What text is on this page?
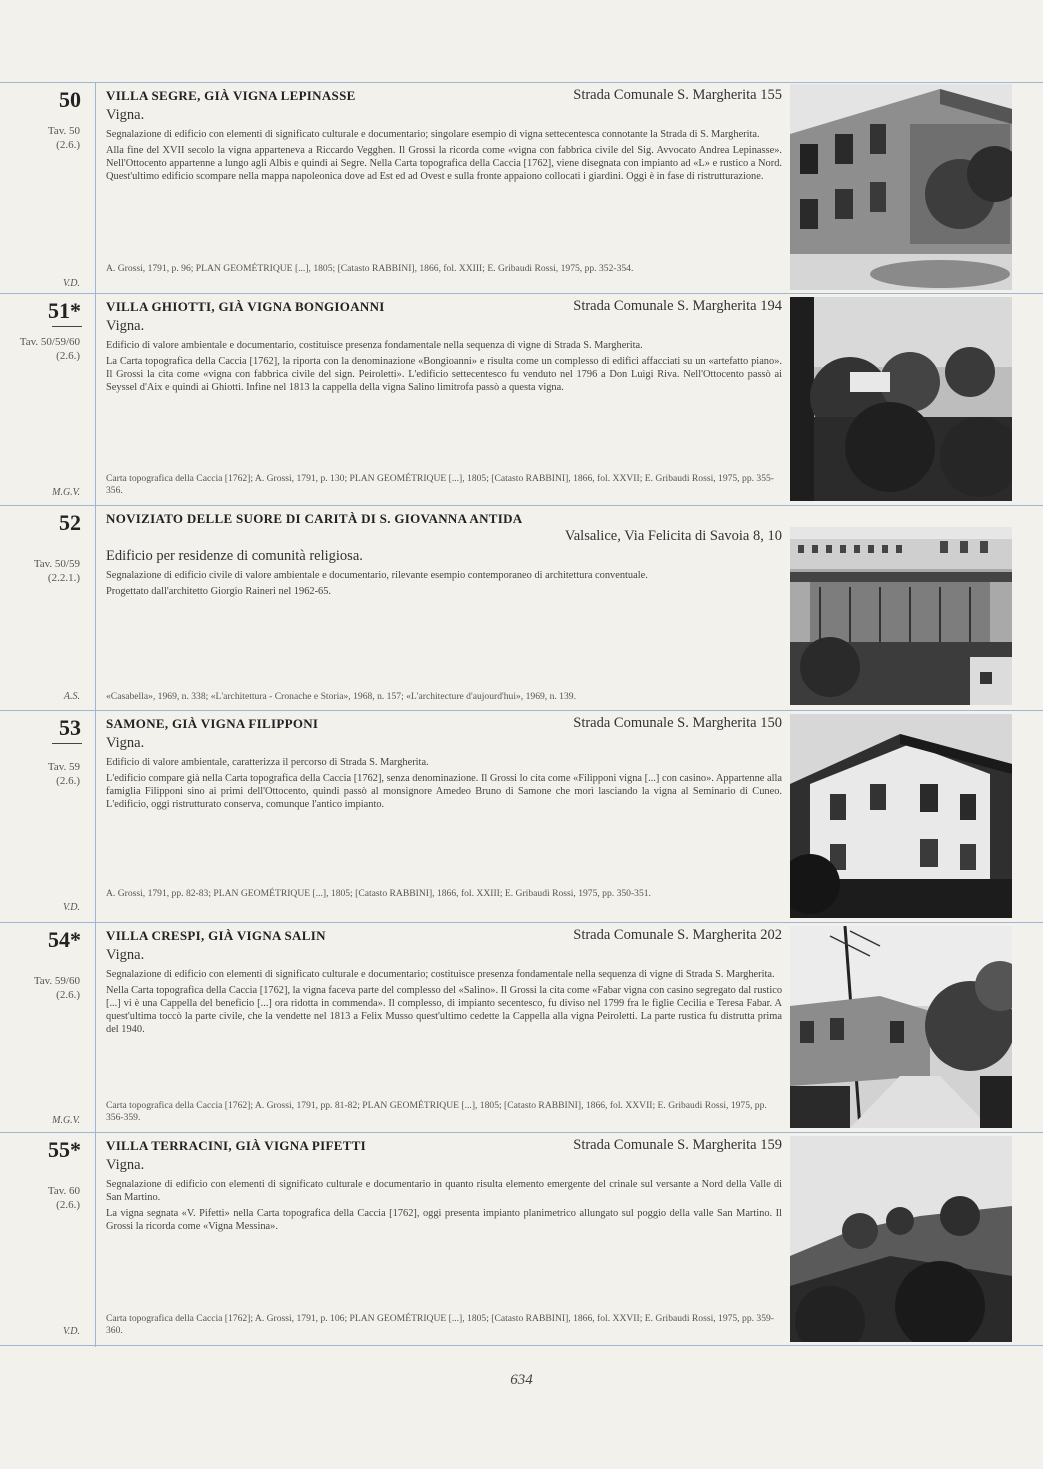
50
Tav. 50
(2.6.)
V.D.
VILLA SEGRE, GIÀ VIGNA LEPINASSE	Strada Comunale S. Margherita 155
Vigna.

Segnalazione di edificio con elementi di significato culturale e documentario; singolare esempio di vigna settecentesca connotante la Strada di S. Margherita.

Alla fine del XVII secolo la vigna apparteneva a Riccardo Vegghen. Il Grossi la ricorda come «vigna con fabbrica civile del Sig. Avvocato Andrea Lepinasse». Nell'Ottocento appartenne a lungo agli Albis e quindi ai Segre. Nella Carta topografica della Caccia [1762], viene disegnata con impianto ad «L» e rustico a Nord. Quest'ultimo edificio scompare nella mappa napoleonica dove ad Est ed ad Ovest e sulla fronte appaiono collocati i giardini. Oggi è in fase di ristrutturazione.

A. Grossi, 1791, p. 96; PLAN GEOMÉTRIQUE [...], 1805; [Catasto RABBINI], 1866, fol. XXIII; E. Gribaudi Rossi, 1975, pp. 352-354.
51*
Tav. 50/59/60
(2.6.)
M.G.V.
VILLA GHIOTTI, GIÀ VIGNA BONGIOANNI	Strada Comunale S. Margherita 194
Vigna.

Edificio di valore ambientale e documentario, costituisce presenza fondamentale nella sequenza di vigne di Strada S. Margherita.

La Carta topografica della Caccia [1762], la riporta con la denominazione «Bongioanni» e risulta come un complesso di edifici affacciati su un «artefatto piano». Il Grossi la cita come «vigna con fabbrica civile del sign. Peiroletti». L'edificio settecentesco fu venduto nel 1796 a Don Luigi Riva. Nell'Ottocento passò ai Seyssel d'Aix e quindi ai Ghiotti. Infine nel 1813 la cappella della vigna Salino limitrofa passò a questa vigna.

Carta topografica della Caccia [1762]; A. Grossi, 1791, p. 130; PLAN GEOMÉTRIQUE [...], 1805; [Catasto RABBINI], 1866, fol. XXVII; E. Gribaudi Rossi, 1975, pp. 355-356.
52
Tav. 50/59
(2.2.1.)
A.S.
NOVIZIATO DELLE SUORE DI CARITÀ DI S. GIOVANNA ANTIDA
Valsalice, Via Felicita di Savoia 8, 10
Edificio per residenze di comunità religiosa.

Segnalazione di edificio civile di valore ambientale e documentario, rilevante esempio contemporaneo di architettura conventuale.

Progettato dall'architetto Giorgio Raineri nel 1962-65.

«Casabella», 1969, n. 338; «L'architettura - Cronache e Storia», 1968, n. 157; «L'architecture d'aujourd'hui», 1969, n. 139.
53
Tav. 59
(2.6.)
V.D.
SAMONE, GIÀ VIGNA FILIPPONI	Strada Comunale S. Margherita 150
Vigna.

Edificio di valore ambientale, caratterizza il percorso di Strada S. Margherita.

L'edificio compare già nella Carta topografica della Caccia [1762], senza denominazione. Il Grossi lo cita come «Filipponi vigna [...] con casino». Appartenne alla famiglia Filipponi sino ai primi dell'Ottocento, quindi passò al monsignore Amedeo Bruno di Samone che morì lasciando la vigna al Seminario di Cuneo. L'edificio, oggi ristrutturato conserva, comunque l'antico impianto.

A. Grossi, 1791, pp. 82-83; PLAN GEOMÉTRIQUE [...], 1805; [Catasto RABBINI], 1866, fol. XXIII; E. Gribaudi Rossi, 1975, pp. 350-351.
54*
Tav. 59/60
(2.6.)
M.G.V.
VILLA CRESPI, GIÀ VIGNA SALIN	Strada Comunale S. Margherita 202
Vigna.

Segnalazione di edificio con elementi di significato culturale e documentario; costituisce presenza fondamentale nella sequenza di vigne di Strada S. Margherita.

Nella Carta topografica della Caccia [1762], la vigna faceva parte del complesso del «Salino». Il Grossi la cita come «Fabar vigna con casino segregato dal rustico [...] vi è una Cappella del beneficio [...] ora ridotta in commenda». Il complesso, di impianto secentesco, fu diviso nel 1799 fra le figlie Cecilia e Teresa Fabar. A quest'ultima toccò la parte civile, che la vendette nel 1813 a Felix Musso quest'ultimo cedette la Cappella alla vigna Peiroletti. La parte rustica fu distrutta prima del 1940.

Carta topografica della Caccia [1762]; A. Grossi, 1791, pp. 81-82; PLAN GEOMÉTRIQUE [...], 1805; [Catasto RABBINI], 1866, fol. XXVII; E. Gribaudi Rossi, 1975, pp. 356-359.
55*
Tav. 60
(2.6.)
V.D.
VILLA TERRACINI, GIÀ VIGNA PIFETTI	Strada Comunale S. Margherita 159
Vigna.

Segnalazione di edificio con elementi di significato culturale e documentario in quanto risulta elemento emergente del crinale sul versante a Nord della Valle di San Martino.

La vigna segnata «V. Pifetti» nella Carta topografica della Caccia [1762], oggi presenta impianto planimetrico allungato sul poggio della valle San Martino. Il Grossi la ricorda come «Vigna Messina».

Carta topografica della Caccia [1762]; A. Grossi, 1791, p. 106; PLAN GEOMÉTRIQUE [...], 1805; [Catasto RABBINI], 1866, fol. XXVII; E. Gribaudi Rossi, 1975, pp. 359-360.
634
